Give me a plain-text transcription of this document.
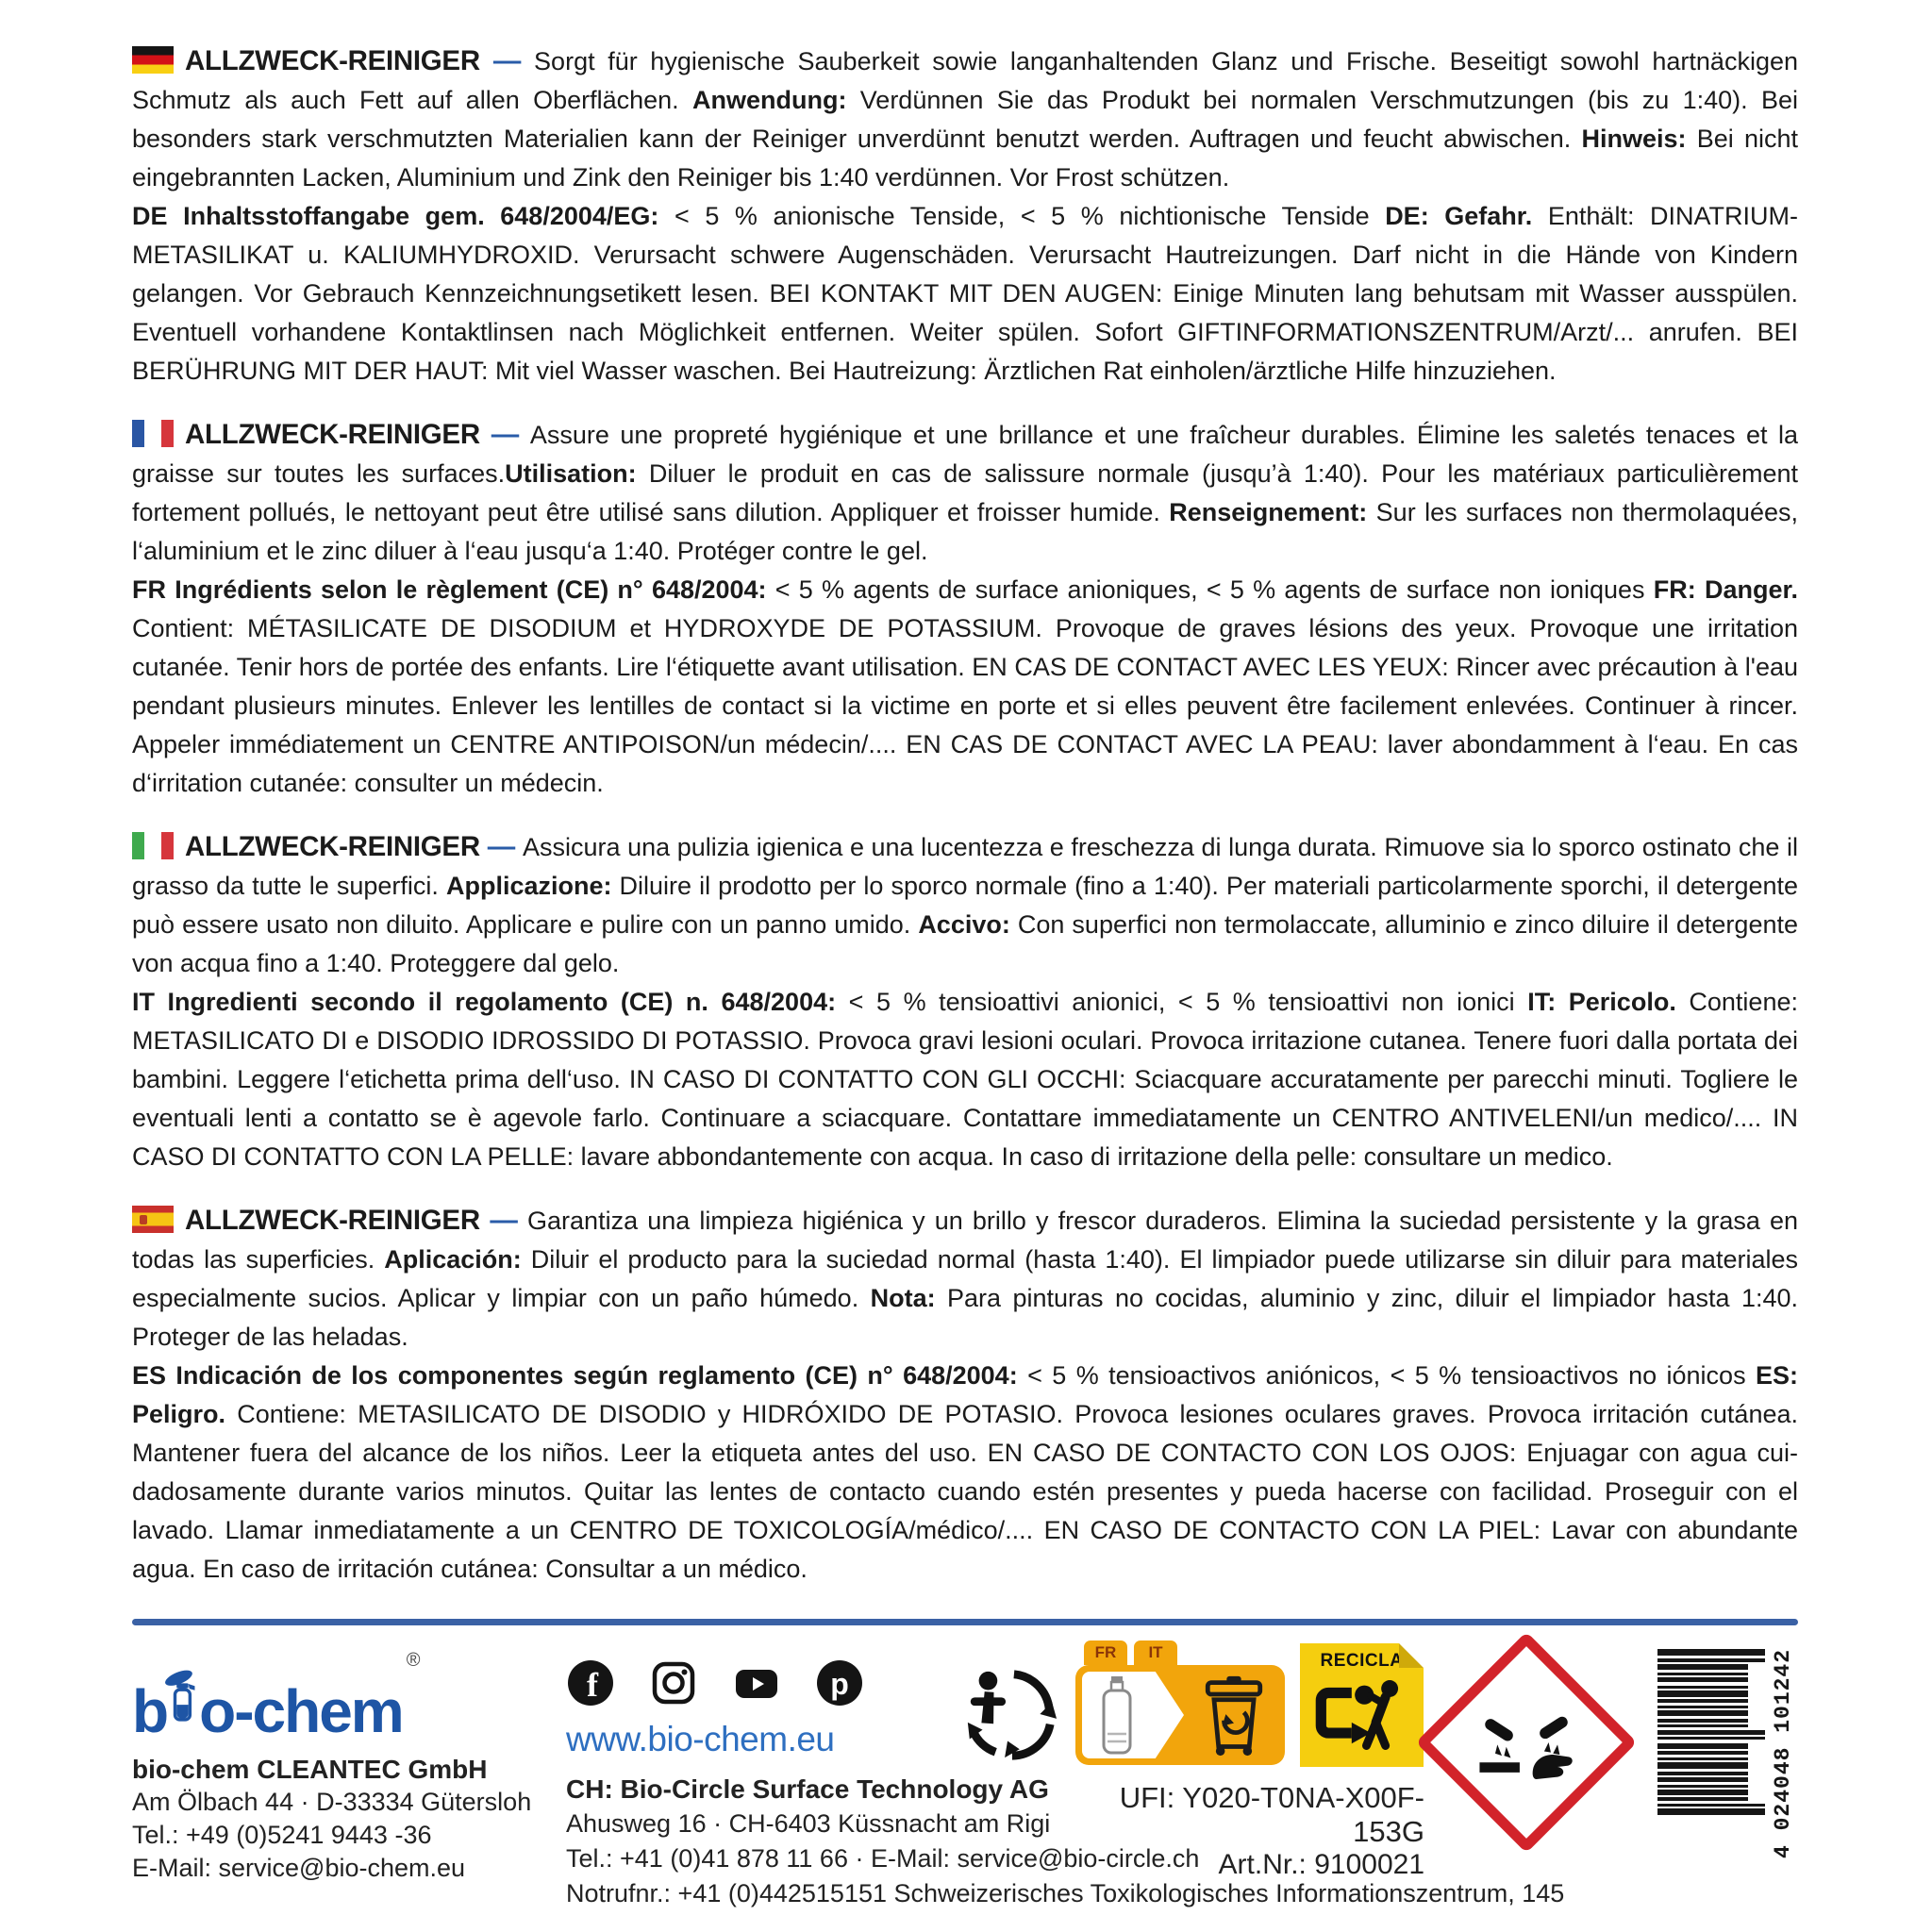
ALLZWECK-REINIGER — Sorgt für hygienische Sauberkeit sowie langanhaltenden Glanz und Frische. Beseitigt sowohl hartnäckigen Schmutz als auch Fett auf allen Oberflächen. Anwendung: Verdünnen Sie das Produkt bei normalen Verschmutzungen (bis zu 1:40). Bei besonders stark verschmutzten Materialien kann der Reiniger unverdünnt benutzt werden. Auftragen und feucht abwischen. Hinweis: Bei nicht eingebrannten Lacken, Aluminium und Zink den Reiniger bis 1:40 verdünnen. Vor Frost schützen.

DE Inhaltsstoffangabe gem. 648/2004/EG: < 5 % anionische Tenside, < 5 % nichtionische Tenside DE: Gefahr. Enthält: DINATRIUM-METASILIKAT u. KALIUMHYDROXID. Verursacht schwere Augenschäden. Verursacht Hautreizungen. Darf nicht in die Hände von Kindern gelangen. Vor Gebrauch Kennzeichnungsetikett lesen. BEI KONTAKT MIT DEN AUGEN: Einige Minuten lang behutsam mit Wasser ausspülen. Eventuell vorhandene Kontaktlinsen nach Möglichkeit entfernen. Weiter spülen. Sofort GIFTINFORMATIONSZENTRUM/Arzt/... anrufen. BEI BERÜHRUNG MIT DER HAUT: Mit viel Wasser waschen. Bei Hautreizung: Ärztlichen Rat einholen/ärztliche Hilfe hinzuziehen.

ALLZWECK-REINIGER — Assure une propreté hygiénique et une brillance et une fraîcheur durables. Élimine les saletés tenaces et la graisse sur toutes les surfaces.Utilisation: Diluer le produit en cas de salissure normale (jusqu’à 1:40). Pour les matériaux particulièrement fortement pollués, le nettoyant peut être utilisé sans dilution. Appliquer et froisser humide. Renseignement: Sur les surfaces non thermolaquées, l‘aluminium et le zinc diluer à l‘eau jusqu‘a 1:40. Protéger contre le gel.

FR Ingrédients selon le règlement (CE) n° 648/2004: < 5 % agents de surface anioniques, < 5 % agents de surface non ioniques FR: Danger. Contient: MÉTASILICATE DE DISODIUM et HYDROXYDE DE POTASSIUM. Provoque de graves lésions des yeux. Provoque une irritation cutanée. Tenir hors de portée des enfants. Lire l‘étiquette avant utilisation. EN CAS DE CONTACT AVEC LES YEUX: Rincer avec précaution à l'eau pendant plusieurs minutes. Enlever les lentilles de contact si la victime en porte et si elles peuvent être facilement enlevées. Continuer à rincer. Appeler immédiatement un CENTRE ANTIPOISON/un médecin/.... EN CAS DE CONTACT AVEC LA PEAU: laver abondamment à l‘eau. En cas d‘irritation cutanée: consulter un médecin.

ALLZWECK-REINIGER — Assicura una pulizia igienica e una lucentezza e freschezza di lunga durata. Rimuove sia lo sporco ostinato che il grasso da tutte le superfici. Applicazione: Diluire il prodotto per lo sporco normale (fino a 1:40). Per materiali particolarmente sporchi, il detergente può essere usato non diluito. Applicare e pulire con un panno umido. Accivo: Con superfici non termolaccate, alluminio e zinco diluire il detergente von acqua fino a 1:40. Proteggere dal gelo.

IT Ingredienti secondo il regolamento (CE) n. 648/2004: < 5 % tensioattivi anionici, < 5 % tensioattivi non ionici IT: Pericolo. Contiene: METASILICATO DI e DISODIO IDROSSIDO DI POTASSIO. Provoca gravi lesioni oculari. Provoca irritazione cutanea. Tenere fuori dalla portata dei bambini. Leggere l‘etichetta prima dell‘uso. IN CASO DI CONTATTO CON GLI OCCHI: Sciacquare accuratamente per parecchi minuti. Togliere le eventuali lenti a contatto se è agevole farlo. Continuare a sciacquare. Contattare immediatamente un CENTRO ANTIVELENI/un medico/.... IN CASO DI CONTATTO CON LA PELLE: lavare abbondantemente con acqua. In caso di irritazione della pelle: consultare un medico.

ALLZWECK-REINIGER — Garantiza una limpieza higiénica y un brillo y frescor duraderos. Elimina la suciedad persistente y la grasa en todas las superficies. Aplicación: Diluir el producto para la suciedad normal (hasta 1:40). El limpiador puede utilizarse sin diluir para materiales especialmente sucios. Aplicar y limpiar con un paño húmedo. Nota: Para pinturas no cocidas, aluminio y zinc, diluir el limpiador hasta 1:40. Proteger de las heladas.

ES Indicación de los componentes según reglamento (CE) n° 648/2004: < 5 % tensioactivos aniónicos, < 5 % tensioactivos no iónicos ES: Peligro. Contiene: METASILICATO DE DISODIO y HIDRÓXIDO DE POTASIO. Provoca lesiones oculares graves. Provoca irritación cutánea. Mantener fuera del alcance de los niños. Leer la etiqueta antes del uso. EN CASO DE CONTACTO CON LOS OJOS: Enjuagar con agua cuidadosamente durante varios minutos. Quitar las lentes de contacto cuando estén presentes y pueda hacerse con facilidad. Proseguir con el lavado. Llamar inmediatamente a un CENTRO DE TOXICOLOGÍA/médico/.... EN CASO DE CONTACTO CON LA PIEL: Lavar con abundante agua. En caso de irritación cutánea: Consultar a un médico.

b o-chem
®
bio-chem CLEANTEC GmbH
Am Ölbach 44 · D-33334 Gütersloh
Tel.: +49 (0)5241 9443 -36
E-Mail: service@bio-chem.eu
f	p
www.bio-chem.eu
CH: Bio-Circle Surface Technology AG
Ahusweg 16 · CH-6403 Küssnacht am Rigi
Tel.: +41 (0)41 878 11 66 · E-Mail: service@bio-circle.ch
Notrufnr.: +41 (0)442515151 Schweizerisches Toxikologisches Informationszentrum, 145
FR	IT	RECICLA
UFI: Y020-T0NA-X00F-153G
Art.Nr.: 9100021
4 024048 101242
